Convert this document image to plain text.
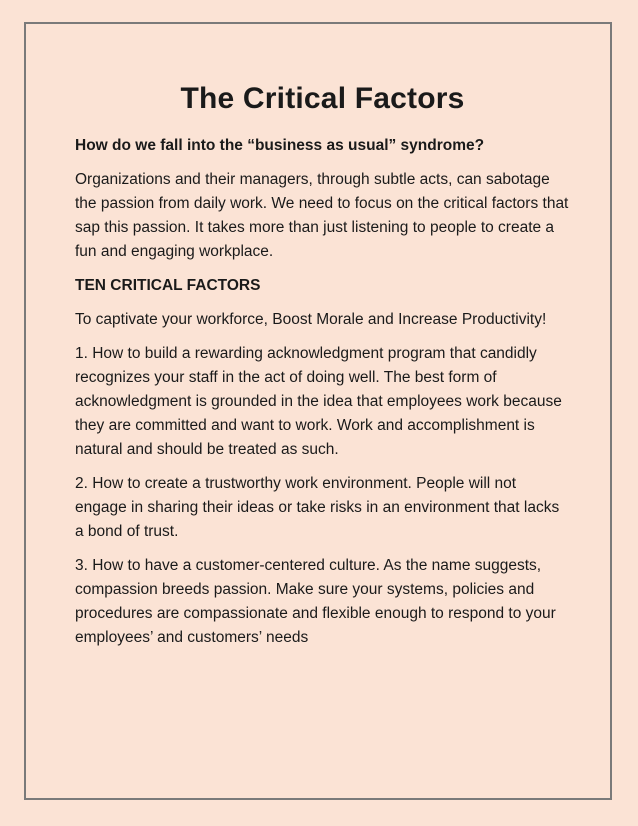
The Critical Factors
How do we fall into the “business as usual” syndrome?
Organizations and their managers, through subtle acts, can sabotage the passion from daily work. We need to focus on the critical factors that sap this passion. It takes more than just listening to people to create a fun and engaging workplace.
TEN CRITICAL FACTORS
To captivate your workforce, Boost Morale and Increase Productivity!
1. How to build a rewarding acknowledgment program that candidly recognizes your staff in the act of doing well. The best form of acknowledgment is grounded in the idea that employees work because they are committed and want to work. Work and accomplishment is natural and should be treated as such.
2. How to create a trustworthy work environment. People will not engage in sharing their ideas or take risks in an environment that lacks a bond of trust.
3. How to have a customer-centered culture. As the name suggests, compassion breeds passion. Make sure your systems, policies and procedures are compassionate and flexible enough to respond to your employees’ and customers’ needs
